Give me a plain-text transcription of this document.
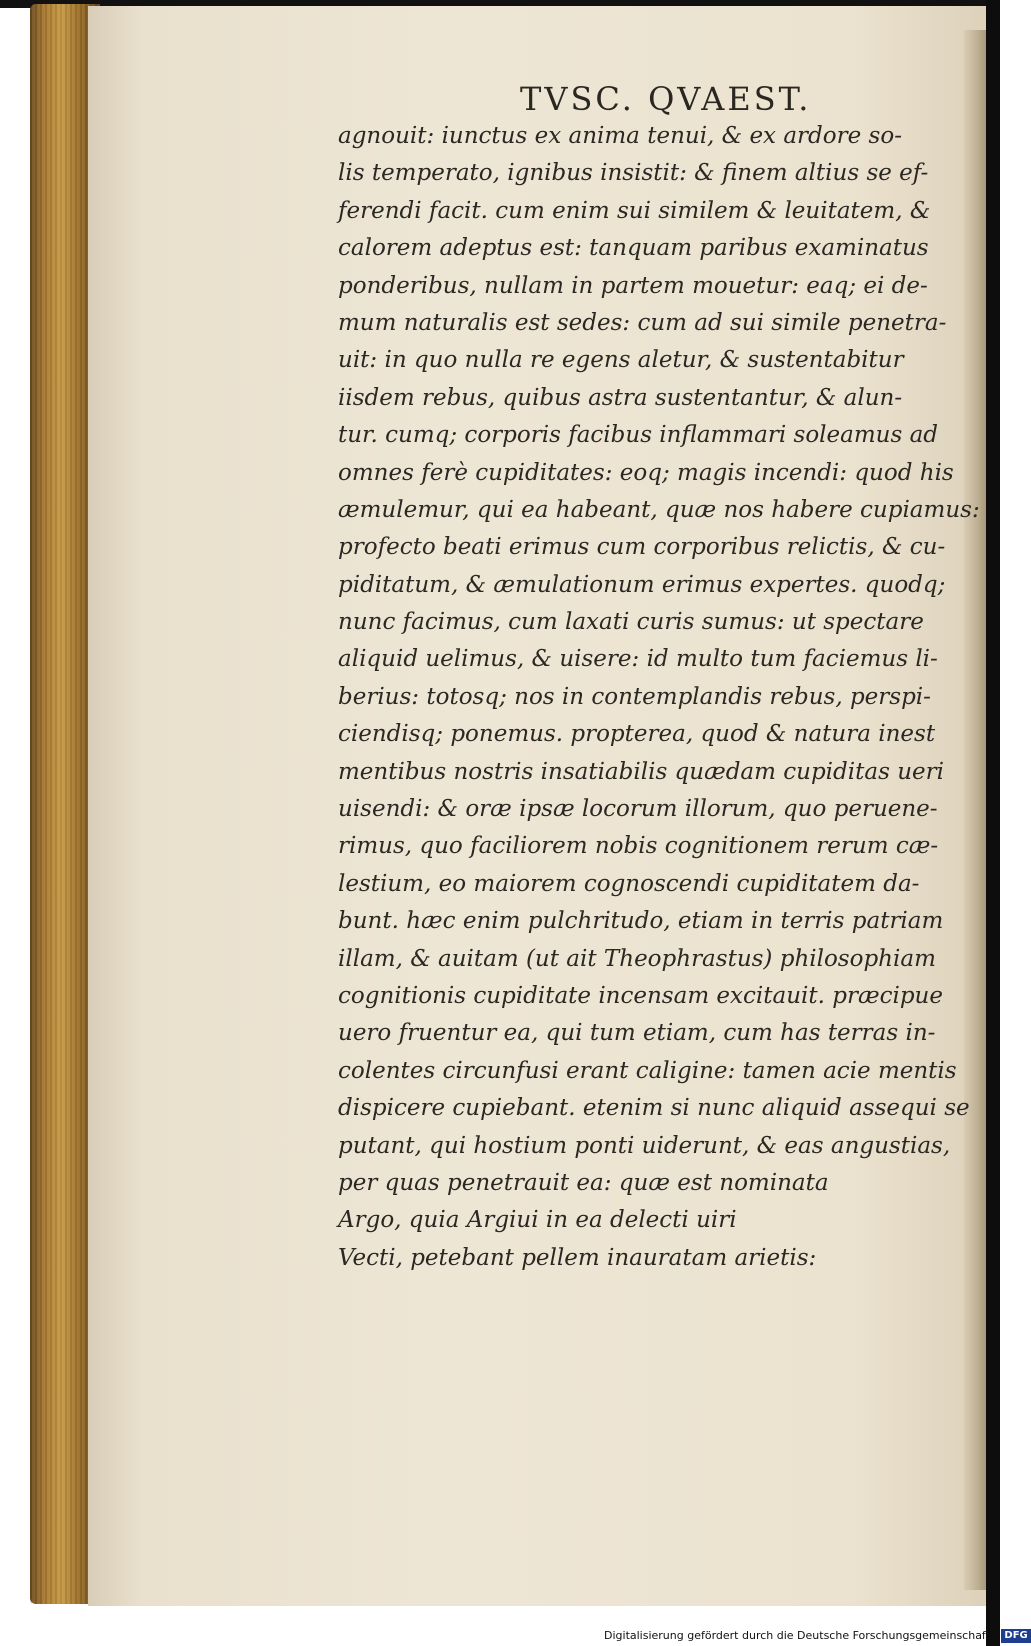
TVSC. QVAEST.
agnouit: iunctus ex anima tenui, & ex ardore so-
lis temperato, ignibus insistit: & finem altius se ef-
ferendi facit. cum enim sui similem & leuitatem, &
calorem adeptus est: tanquam paribus examinatus
ponderibus, nullam in partem mouetur: eaq; ei de-
mum naturalis est sedes: cum ad sui simile penetra-
uit: in quo nulla re egens aletur, & sustentabitur
iisdem rebus, quibus astra sustentantur, & alun-
tur. cumq; corporis facibus inflammari soleamus ad
omnes ferè cupiditates: eoq; magis incendi: quod his
æmulemur, qui ea habeant, quæ nos habere cupiamus:
profecto beati erimus cum corporibus relictis, & cu-
piditatum, & æmulationum erimus expertes. quodq;
nunc facimus, cum laxati curis sumus: ut spectare
aliquid uelimus, & uisere: id multo tum faciemus li-
berius: totosq; nos in contemplandis rebus, perspi-
ciendisq; ponemus. propterea, quod & natura inest
mentibus nostris insatiabilis quædam cupiditas ueri
uisendi: & oræ ipsæ locorum illorum, quo peruene-
rimus, quo faciliorem nobis cognitionem rerum cæ-
lestium, eo maiorem cognoscendi cupiditatem da-
bunt. hæc enim pulchritudo, etiam in terris patriam
illam, & auitam (ut ait Theophrastus) philosophiam
cognitionis cupiditate incensam excitauit. præcipue
uero fruentur ea, qui tum etiam, cum has terras in-
colentes circunfusi erant caligine: tamen acie mentis
dispicere cupiebant. etenim si nunc aliquid assequi se
putant, qui hostium ponti uiderunt, & eas angustias,
per quas penetrauit ea: quæ est nominata
Argo, quia Argiui in ea delecti uiri
Vecti, petebant pellem inauratam arietis:
Digitalisierung gefördert durch die Deutsche Forschungsgemeinschaft - DFG
